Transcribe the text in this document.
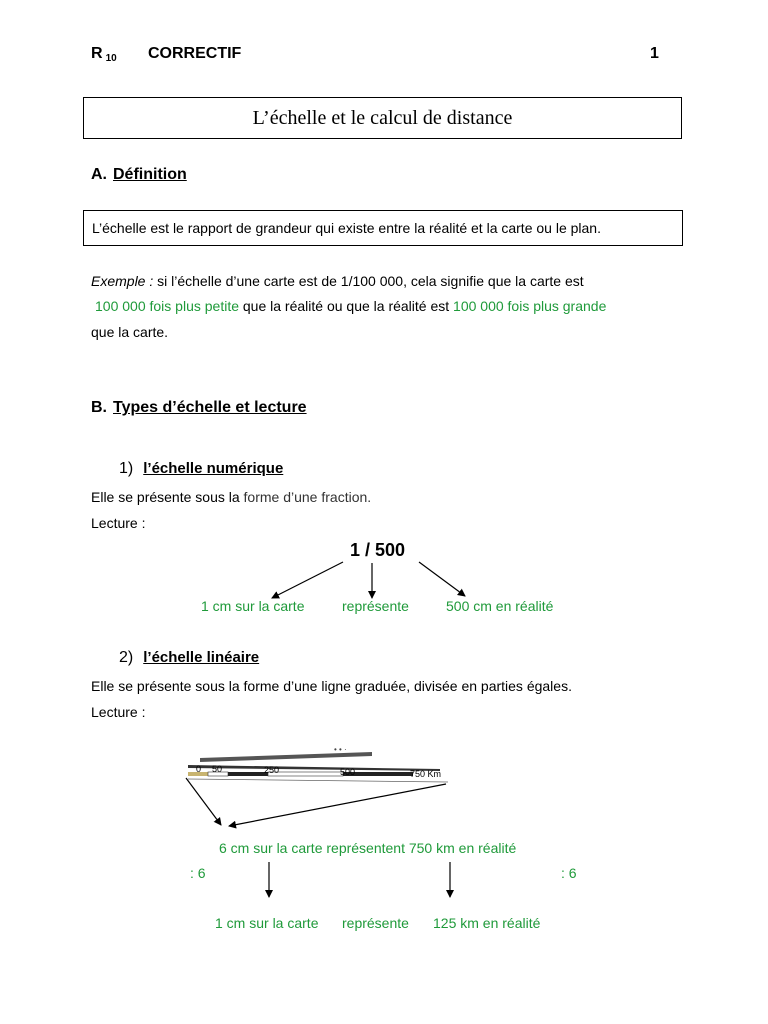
R $_{10}$ CORRECTIF	1
L’échelle et le calcul de distance
A. Définition
L’échelle est le rapport de grandeur qui existe entre la réalité et la carte ou le plan.
Exemple : si l’échelle d’une carte est de 1/100 000, cela signifie que la carte est
100 000 fois plus petite que la réalité ou que la réalité est 100 000 fois plus grande
que la carte.
B. Types d’échelle et lecture
1) l’échelle numérique
Elle se présente sous la forme d’une fraction.
Lecture :
1 / 500
1 cm sur la carte	représente	500 cm en réalité
2) l’échelle linéaire
Elle se présente sous la forme d’une ligne graduée, divisée en parties égales.
Lecture :
• • ·
0 50	250	500	750 Km
6 cm sur la carte représentent 750 km en réalité
: 6	: 6
1 cm sur la carte représente 125 km en réalité
